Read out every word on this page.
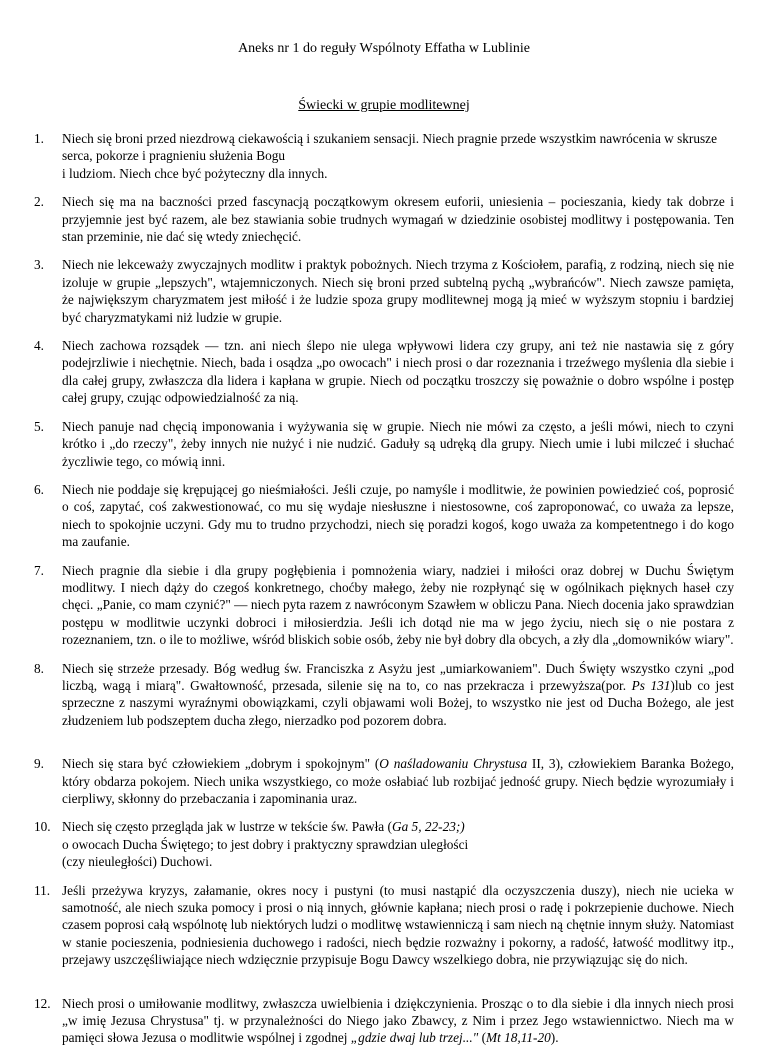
Aneks nr 1 do reguły Wspólnoty Effatha w Lublinie

Świecki w grupie modlitewnej

1. Niech się broni przed niezdrową ciekawością i szukaniem sensacji. Niech pragnie przede wszystkim nawrócenia w skrusze serca, pokorze i pragnieniu służenia Bogu

i ludziom. Niech chce być pożyteczny dla innych.

2. Niech się ma na baczności przed fascynacją początkowym okresem euforii, uniesienia – pocieszania, kiedy tak dobrze i przyjemnie jest być razem, ale bez stawiania sobie trudnych wymagań w dziedzinie osobistej modlitwy i postępowania. Ten stan przeminie, nie dać się wtedy zniechęcić.

3. Niech nie lekceważy zwyczajnych modlitw i praktyk pobożnych. Niech trzyma z Kościołem, parafią, z rodziną, niech się nie izoluje w grupie „lepszych", wtajemniczonych. Niech się broni przed subtelną pychą „wybrańców". Niech zawsze pamięta, że największym charyzmatem jest miłość i że ludzie spoza grupy modlitewnej mogą ją mieć w wyższym stopniu i bardziej być charyzmatykami niż ludzie w grupie.

4. Niech zachowa rozsądek — tzn. ani niech ślepo nie ulega wpływowi lidera czy grupy, ani też nie nastawia się z góry podejrzliwie i niechętnie. Niech, bada i osądza „po owocach" i niech prosi o dar rozeznania i trzeźwego myślenia dla siebie i dla całej grupy, zwłaszcza dla lidera i kapłana w grupie. Niech od początku troszczy się poważnie o dobro wspólne i postęp całej grupy, czując odpowiedzialność za nią.

5. Niech panuje nad chęcią imponowania i wyżywania się w grupie. Niech nie mówi za często, a jeśli mówi, niech to czyni krótko i „do rzeczy", żeby innych nie nużyć i nie nudzić. Gaduły są udręką dla grupy. Niech umie i lubi milczeć i słuchać życzliwie tego, co mówią inni.

6. Niech nie poddaje się krępującej go nieśmiałości. Jeśli czuje, po namyśle i modlitwie, że powinien powiedzieć coś, poprosić o coś, zapytać, coś zakwestionować, co mu się wydaje niesłuszne i niestosowne, coś zaproponować, co uważa za lepsze, niech to spokojnie uczyni. Gdy mu to trudno przychodzi, niech się poradzi kogoś, kogo uważa za kompetentnego i do kogo ma zaufanie.

7. Niech pragnie dla siebie i dla grupy pogłębienia i pomnożenia wiary, nadziei i miłości oraz dobrej w Duchu Świętym modlitwy. I niech dąży do czegoś konkretnego, choćby małego, żeby nie rozpłynąć się w ogólnikach pięknych haseł czy chęci. „Panie, co mam czynić?" — niech pyta razem z nawróconym Szawłem w obliczu Pana. Niech docenia jako sprawdzian postępu w modlitwie uczynki dobroci i miłosierdzia. Jeśli ich dotąd nie ma w jego życiu, niech się o nie postara z rozeznaniem, tzn. o ile to możliwe, wśród bliskich sobie osób, żeby nie był dobry dla obcych, a zły dla „domowników wiary".

8. Niech się strzeże przesady. Bóg według św. Franciszka z Asyżu jest „umiarkowaniem". Duch Święty wszystko czyni „pod liczbą, wagą i miarą". Gwałtowność, przesada, silenie się na to, co nas przekracza i przewyższa(por. Ps 131)lub co jest sprzeczne z naszymi wyraźnymi obowiązkami, czyli objawami woli Bożej, to wszystko nie jest od Ducha Bożego, ale jest złudzeniem lub podszeptem ducha złego, nierzadko pod pozorem dobra.

9. Niech się stara być człowiekiem „dobrym i spokojnym" (O naśladowaniu Chrystusa II, 3), człowiekiem Baranka Bożego, który obdarza pokojem. Niech unika wszystkiego, co może osłabiać lub rozbijać jedność grupy. Niech będzie wyrozumiały i cierpliwy, skłonny do przebaczania i zapominania uraz.

10. Niech się często przegląda jak w lustrze w tekście św. Pawła (Ga 5, 22-23;)

o owocach Ducha Świętego; to jest dobry i praktyczny sprawdzian uległości

(czy nieuległości) Duchowi.

11. Jeśli przeżywa kryzys, załamanie, okres nocy i pustyni (to musi nastąpić dla oczyszczenia duszy), niech nie ucieka w samotność, ale niech szuka pomocy i prosi o nią innych, głównie kapłana; niech prosi o radę i pokrzepienie duchowe. Niech czasem poprosi całą wspólnotę lub niektórych ludzi o modlitwę wstawienniczą i sam niech ną chętnie innym służy. Natomiast w stanie pocieszenia, podniesienia duchowego i radości, niech będzie rozważny i pokorny, a radość, łatwość modlitwy itp., przejawy uszczęśliwiające niech wdzięcznie przypisuje Bogu Dawcy wszelkiego dobra, nie przywiązując się do nich.

12. Niech prosi o umiłowanie modlitwy, zwłaszcza uwielbienia i dziękczynienia. Prosząc o to dla siebie i dla innych niech prosi „w imię Jezusa Chrystusa" tj. w przynależności do Niego jako Zbawcy, z Nim i przez Jego wstawiennictwo. Niech ma w pamięci słowa Jezusa o modlitwie wspólnej i zgodnej „gdzie dwaj lub trzej..." (Mt 18,11-20).
